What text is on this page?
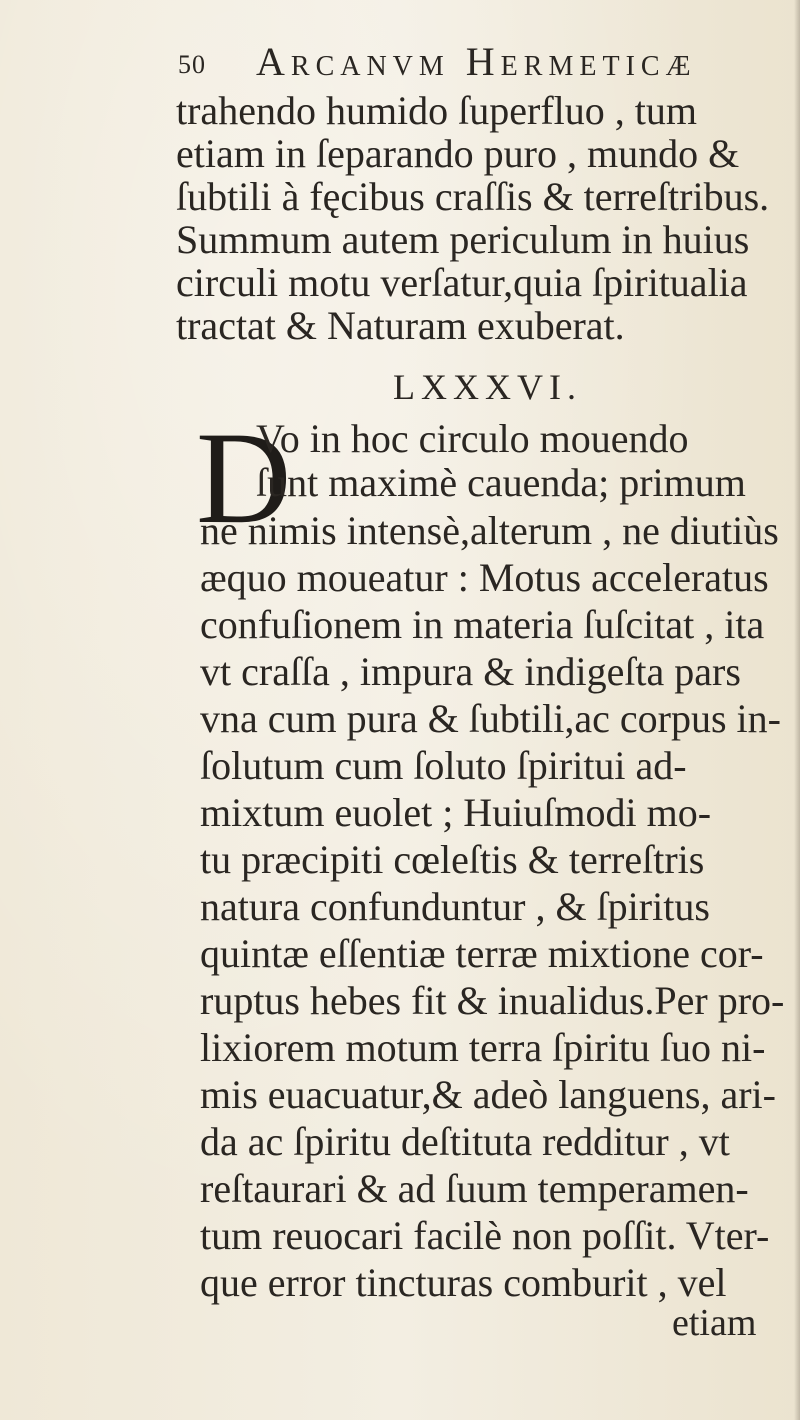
50 Arcanvm Hermeticæ
trahendo humido ſuperfluo , tum
etiam in ſeparando puro , mundo &
ſubtili à fęcibus craſſis & terreſtribus.
Summum autem periculum in huius
circuli motu verſatur,quia ſpiritualia
tractat & Naturam exuberat.
LXXXVI.
D
Vo in hoc circulo mouendo
ſunt maximè cauenda; primum
ne nimis intensè,alterum , ne diutiùs
æquo moueatur : Motus acceleratus
confuſionem in materia ſuſcitat , ita
vt craſſa , impura & indigeſta pars
vna cum pura & ſubtili,ac corpus in-
ſolutum cum ſoluto ſpiritui ad-
mixtum euolet ; Huiuſmodi mo-
tu præcipiti cœleſtis & terreſtris
natura confunduntur , & ſpiritus
quintæ eſſentiæ terræ mixtione cor-
ruptus hebes fit & inualidus.Per pro-
lixiorem motum terra ſpiritu ſuo ni-
mis euacuatur,& adeò languens, ari-
da ac ſpiritu deſtituta redditur , vt
reſtaurari & ad ſuum temperamen-
tum reuocari facilè non poſſit. Vter-
que error tincturas comburit , vel
etiam
